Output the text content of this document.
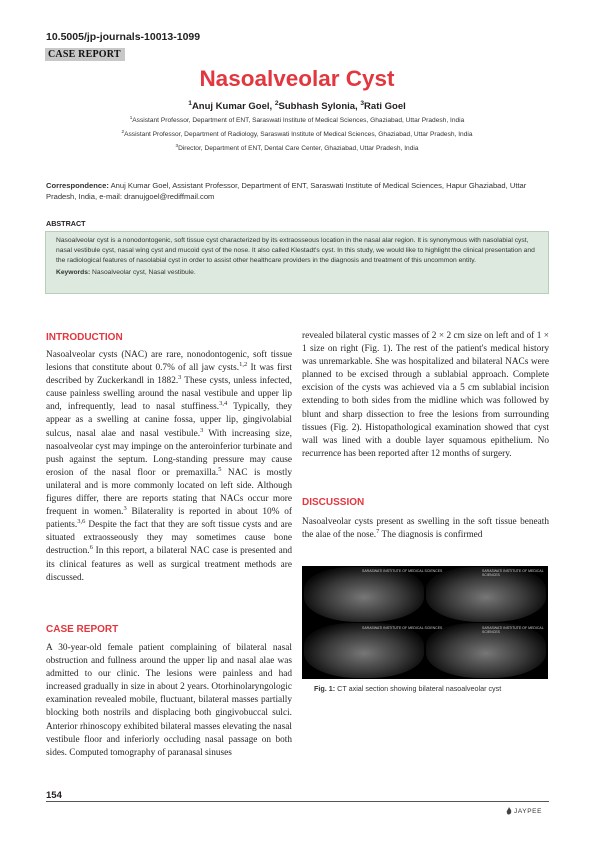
10.5005/jp-journals-10013-1099
CASE REPORT
Nasoalveolar Cyst
$^1$Anuj Kumar Goel, $^2$Subhash Sylonia, $^3$Rati Goel
$^1$Assistant Professor, Department of ENT, Saraswati Institute of Medical Sciences, Ghaziabad, Uttar Pradesh, India
$^2$Assistant Professor, Department of Radiology, Saraswati Institute of Medical Sciences, Ghaziabad, Uttar Pradesh, India
$^3$Director, Department of ENT, Dental Care Center, Ghaziabad, Uttar Pradesh, India
Correspondence: Anuj Kumar Goel, Assistant Professor, Department of ENT, Saraswati Institute of Medical Sciences, Hapur Ghaziabad, Uttar Pradesh, India, e-mail: dranujgoel@rediffmail.com
ABSTRACT
Nasoalveolar cyst is a nonodontogenic, soft tissue cyst characterized by its extraosseous location in the nasal alar region. It is synonymous with nasolabial cyst, nasal vestibule cyst, nasal wing cyst and mucoid cyst of the nose. It also called Klestadt's cyst. In this study, we would like to highlight the clinical presentation and the radiological features of nasolabial cyst in order to assist other healthcare providers in the diagnosis and treatment of this uncommon entity.
Keywords: Nasoalveolar cyst, Nasal vestibule.
INTRODUCTION

Nasoalveolar cysts (NAC) are rare, nonodontogenic, soft tissue lesions that constitute about 0.7% of all jaw cysts.$^{1,2}$ It was first described by Zuckerkandl in 1882.$^3$ These cysts, unless infected, cause painless swelling around the nasal vestibule and upper lip and, infrequently, lead to nasal stuffiness.$^{3,4}$ Typically, they appear as a swelling at canine fossa, upper lip, gingivolabial sulcus, nasal alae and nasal vestibule.$^3$ With increasing size, nasoalveolar cyst may impinge on the anteroinferior turbinate and push against the septum. Long-standing pressure may cause erosion of the nasal floor or premaxilla.$^5$ NAC is mostly unilateral and is more commonly located on left side. Although figures differ, there are reports stating that NACs occur more frequent in women.$^3$ Bilaterality is reported in about 10% of patients.$^{3,6}$ Despite the fact that they are soft tissue cysts and are situated extraosseously they may sometimes cause bone destruction.$^6$ In this report, a bilateral NAC case is presented and its clinical features as well as surgical treatment methods are discussed.

CASE REPORT

A 30-year-old female patient complaining of bilateral nasal obstruction and fullness around the upper lip and nasal alae was admitted to our clinic. The lesions were painless and had increased gradually in size in about 2 years. Otorhinolaryngologic examination revealed mobile, fluctuant, bilateral masses partially blocking both nostrils and displacing both gingivobuccal sulci. Anterior rhinoscopy exhibited bilateral masses elevating the nasal vestibule floor and inferiorly occluding nasal passage on both sides. Computed tomography of paranasal sinuses

revealed bilateral cystic masses of 2 × 2 cm size on left and of 1 × 1 size on right (Fig. 1). The rest of the patient's medical history was unremarkable. She was hospitalized and bilateral NACs were planned to be excised through a sublabial approach. Complete excision of the cysts was achieved via a 5 cm sublabial incision extending to both sides from the midline which was followed by blunt and sharp dissection to free the lesions from surrounding tissues (Fig. 2). Histopathological examination showed that cyst wall was lined with a double layer squamous epithelium. No recurrence has been reported after 12 months of surgery.

DISCUSSION

Nasoalveolar cysts present as swelling in the soft tissue beneath the alae of the nose.$^7$ The diagnosis is confirmed

SARASWATI INSTITUTE OF MEDICAL SCIENCES	SARASWATI INSTITUTE OF MEDICAL SCIENCES
SARASWATI INSTITUTE OF MEDICAL SCIENCES	SARASWATI INSTITUTE OF MEDICAL SCIENCES
Fig. 1: CT axial section showing bilateral nasoalveolar cyst
154
JAYPEE
